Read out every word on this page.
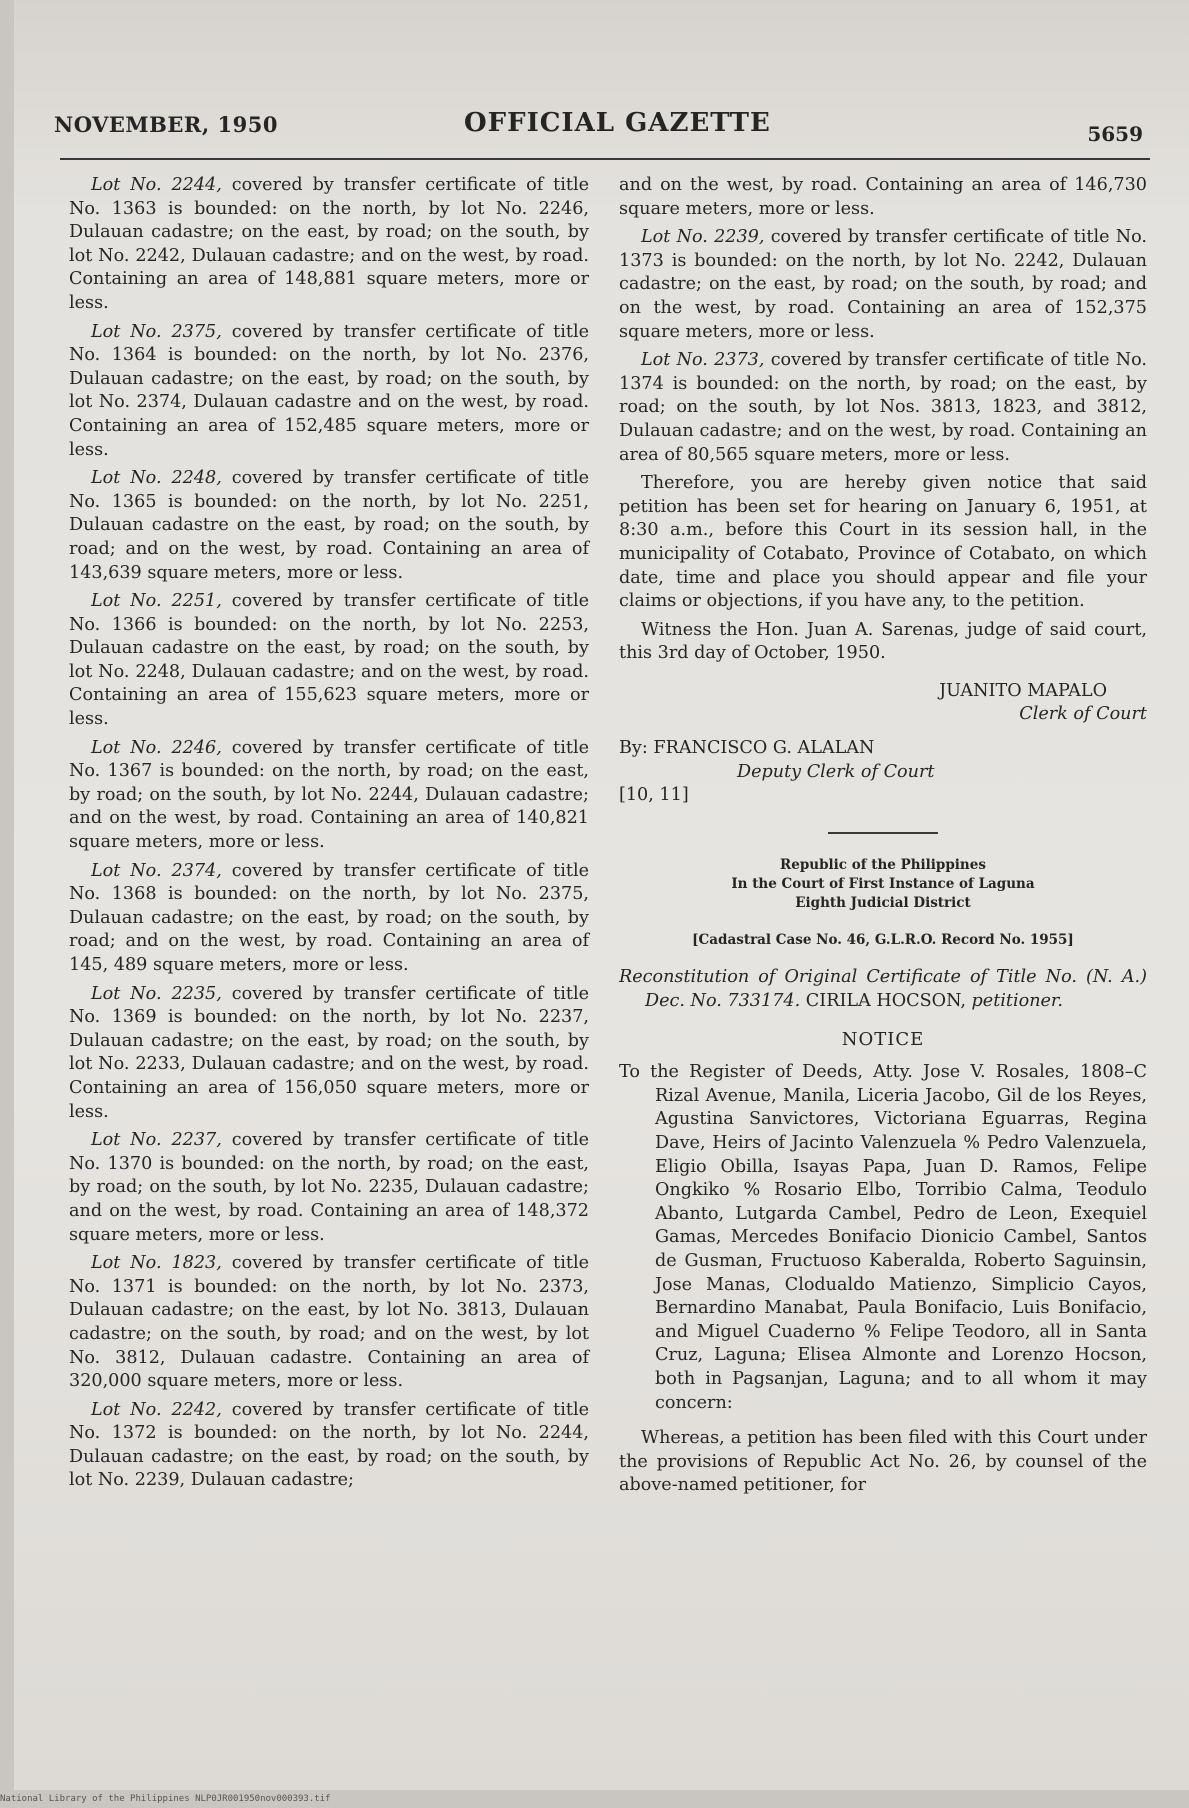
NOVEMBER, 1950	OFFICIAL GAZETTE	5659

Lot No. 2244, covered by transfer certificate of title No. 1363 is bounded: on the north, by lot No. 2246, Dulauan cadastre; on the east, by road; on the south, by lot No. 2242, Dulauan cadastre; and on the west, by road. Containing an area of 148,881 square meters, more or less.

Lot No. 2375, covered by transfer certificate of title No. 1364 is bounded: on the north, by lot No. 2376, Dulauan cadastre; on the east, by road; on the south, by lot No. 2374, Dulauan cadastre and on the west, by road. Containing an area of 152,485 square meters, more or less.

Lot No. 2248, covered by transfer certificate of title No. 1365 is bounded: on the north, by lot No. 2251, Dulauan cadastre on the east, by road; on the south, by road; and on the west, by road. Containing an area of 143,639 square meters, more or less.

Lot No. 2251, covered by transfer certificate of title No. 1366 is bounded: on the north, by lot No. 2253, Dulauan cadastre on the east, by road; on the south, by lot No. 2248, Dulauan cadastre; and on the west, by road. Containing an area of 155,623 square meters, more or less.

Lot No. 2246, covered by transfer certificate of title No. 1367 is bounded: on the north, by road; on the east, by road; on the south, by lot No. 2244, Dulauan cadastre; and on the west, by road. Containing an area of 140,821 square meters, more or less.

Lot No. 2374, covered by transfer certificate of title No. 1368 is bounded: on the north, by lot No. 2375, Dulauan cadastre; on the east, by road; on the south, by road; and on the west, by road. Containing an area of 145, 489 square meters, more or less.

Lot No. 2235, covered by transfer certificate of title No. 1369 is bounded: on the north, by lot No. 2237, Dulauan cadastre; on the east, by road; on the south, by lot No. 2233, Dulauan cadastre; and on the west, by road. Containing an area of 156,050 square meters, more or less.

Lot No. 2237, covered by transfer certificate of title No. 1370 is bounded: on the north, by road; on the east, by road; on the south, by lot No. 2235, Dulauan cadastre; and on the west, by road. Containing an area of 148,372 square meters, more or less.

Lot No. 1823, covered by transfer certificate of title No. 1371 is bounded: on the north, by lot No. 2373, Dulauan cadastre; on the east, by lot No. 3813, Dulauan cadastre; on the south, by road; and on the west, by lot No. 3812, Dulauan cadastre. Containing an area of 320,000 square meters, more or less.

Lot No. 2242, covered by transfer certificate of title No. 1372 is bounded: on the north, by lot No. 2244, Dulauan cadastre; on the east, by road; on the south, by lot No. 2239, Dulauan cadastre;

and on the west, by road. Containing an area of 146,730 square meters, more or less.

Lot No. 2239, covered by transfer certificate of title No. 1373 is bounded: on the north, by lot No. 2242, Dulauan cadastre; on the east, by road; on the south, by road; and on the west, by road. Containing an area of 152,375 square meters, more or less.

Lot No. 2373, covered by transfer certificate of title No. 1374 is bounded: on the north, by road; on the east, by road; on the south, by lot Nos. 3813, 1823, and 3812, Dulauan cadastre; and on the west, by road. Containing an area of 80,565 square meters, more or less.

Therefore, you are hereby given notice that said petition has been set for hearing on January 6, 1951, at 8:30 a.m., before this Court in its session hall, in the municipality of Cotabato, Province of Cotabato, on which date, time and place you should appear and file your claims or objections, if you have any, to the petition.

Witness the Hon. Juan A. Sarenas, judge of said court, this 3rd day of October, 1950.

JUANITO MAPALO
Clerk of Court
By: FRANCISCO G. ALALAN
Deputy Clerk of Court
[10, 11]
Republic of the Philippines
In the Court of First Instance of Laguna
Eighth Judicial District
[Cadastral Case No. 46, G.L.R.O. Record No. 1955]
Reconstitution of Original Certificate of Title No. (N. A.) Dec. No. 733174. CIRILA HOCSON, petitioner.
NOTICE
To the Register of Deeds, Atty. Jose V. Rosales, 1808–C Rizal Avenue, Manila, Liceria Jacobo, Gil de los Reyes, Agustina Sanvictores, Victoriana Eguarras, Regina Dave, Heirs of Jacinto Valenzuela % Pedro Valenzuela, Eligio Obilla, Isayas Papa, Juan D. Ramos, Felipe Ongkiko % Rosario Elbo, Torribio Calma, Teodulo Abanto, Lutgarda Cambel, Pedro de Leon, Exequiel Gamas, Mercedes Bonifacio Dionicio Cambel, Santos de Gusman, Fructuoso Kaberalda, Roberto Saguinsin, Jose Manas, Clodualdo Matienzo, Simplicio Cayos, Bernardino Manabat, Paula Bonifacio, Luis Bonifacio, and Miguel Cuaderno % Felipe Teodoro, all in Santa Cruz, Laguna; Elisea Almonte and Lorenzo Hocson, both in Pagsanjan, Laguna; and to all whom it may concern:

Whereas, a petition has been filed with this Court under the provisions of Republic Act No. 26, by counsel of the above-named petitioner, for

National Library of the Philippines NLP0JR001950nov000393.tif
